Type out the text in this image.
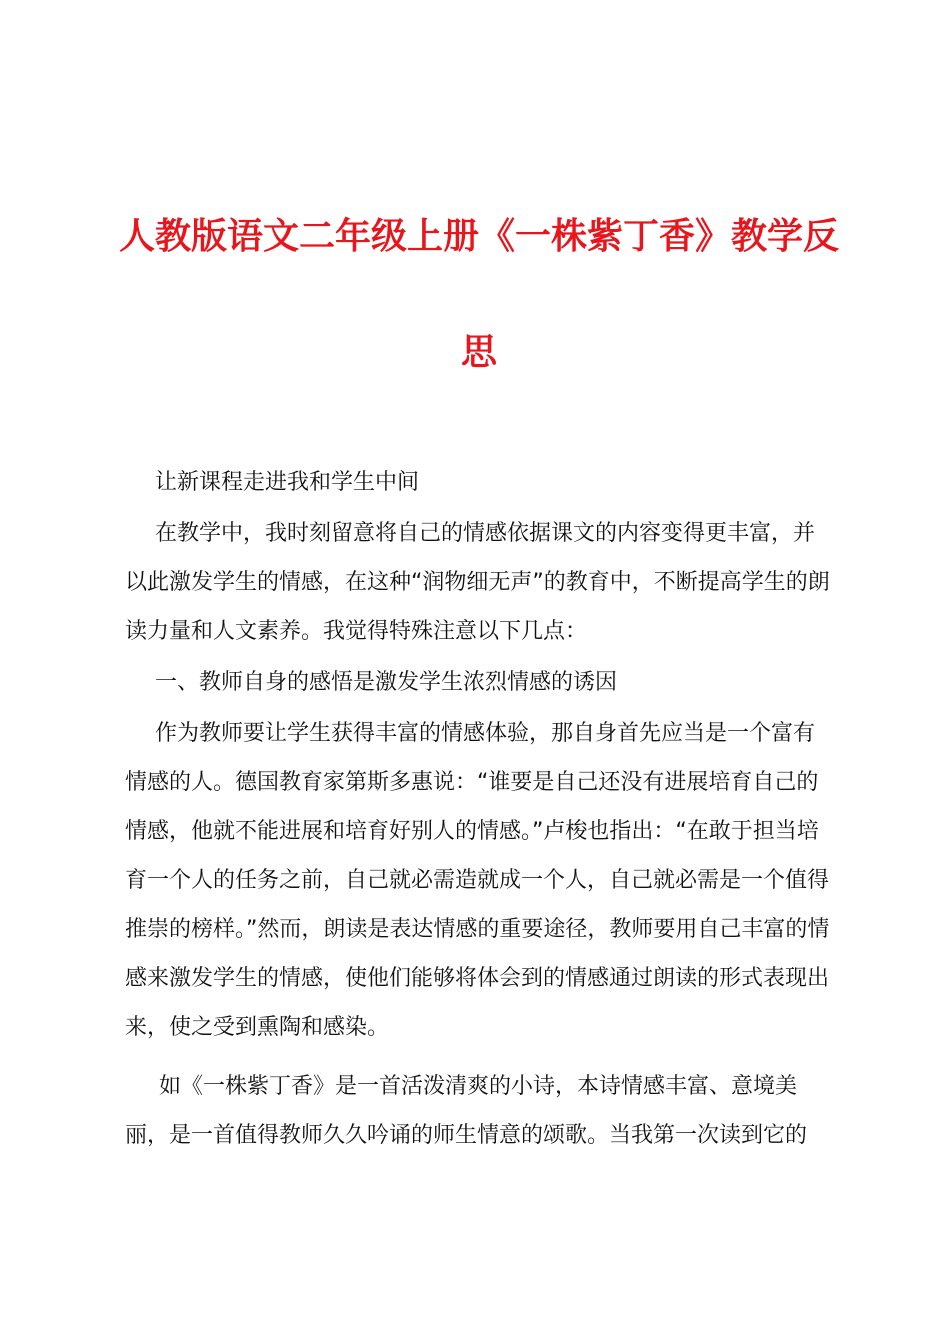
人教版语文二年级上册《一株紫丁香》教学反
思
让新课程走进我和学生中间
在教学中，我时刻留意将自己的情感依据课文的内容变得更丰富，并以此激发学生的情感，在这种“润物细无声”的教育中，不断提高学生的朗读力量和人文素养。我觉得特殊注意以下几点：
一、教师自身的感悟是激发学生浓烈情感的诱因
作为教师要让学生获得丰富的情感体验，那自身首先应当是一个富有情感的人。德国教育家第斯多惠说：“谁要是自己还没有进展培育自己的情感，他就不能进展和培育好别人的情感。”卢梭也指出：“在敢于担当培育一个人的任务之前，自己就必需造就成一个人，自己就必需是一个值得推崇的榜样。”然而，朗读是表达情感的重要途径，教师要用自己丰富的情感来激发学生的情感，使他们能够将体会到的情感通过朗读的形式表现出来，使之受到熏陶和感染。
如《一株紫丁香》是一首活泼清爽的小诗，本诗情感丰富、意境美丽，是一首值得教师久久吟诵的师生情意的颂歌。当我第一次读到它的
